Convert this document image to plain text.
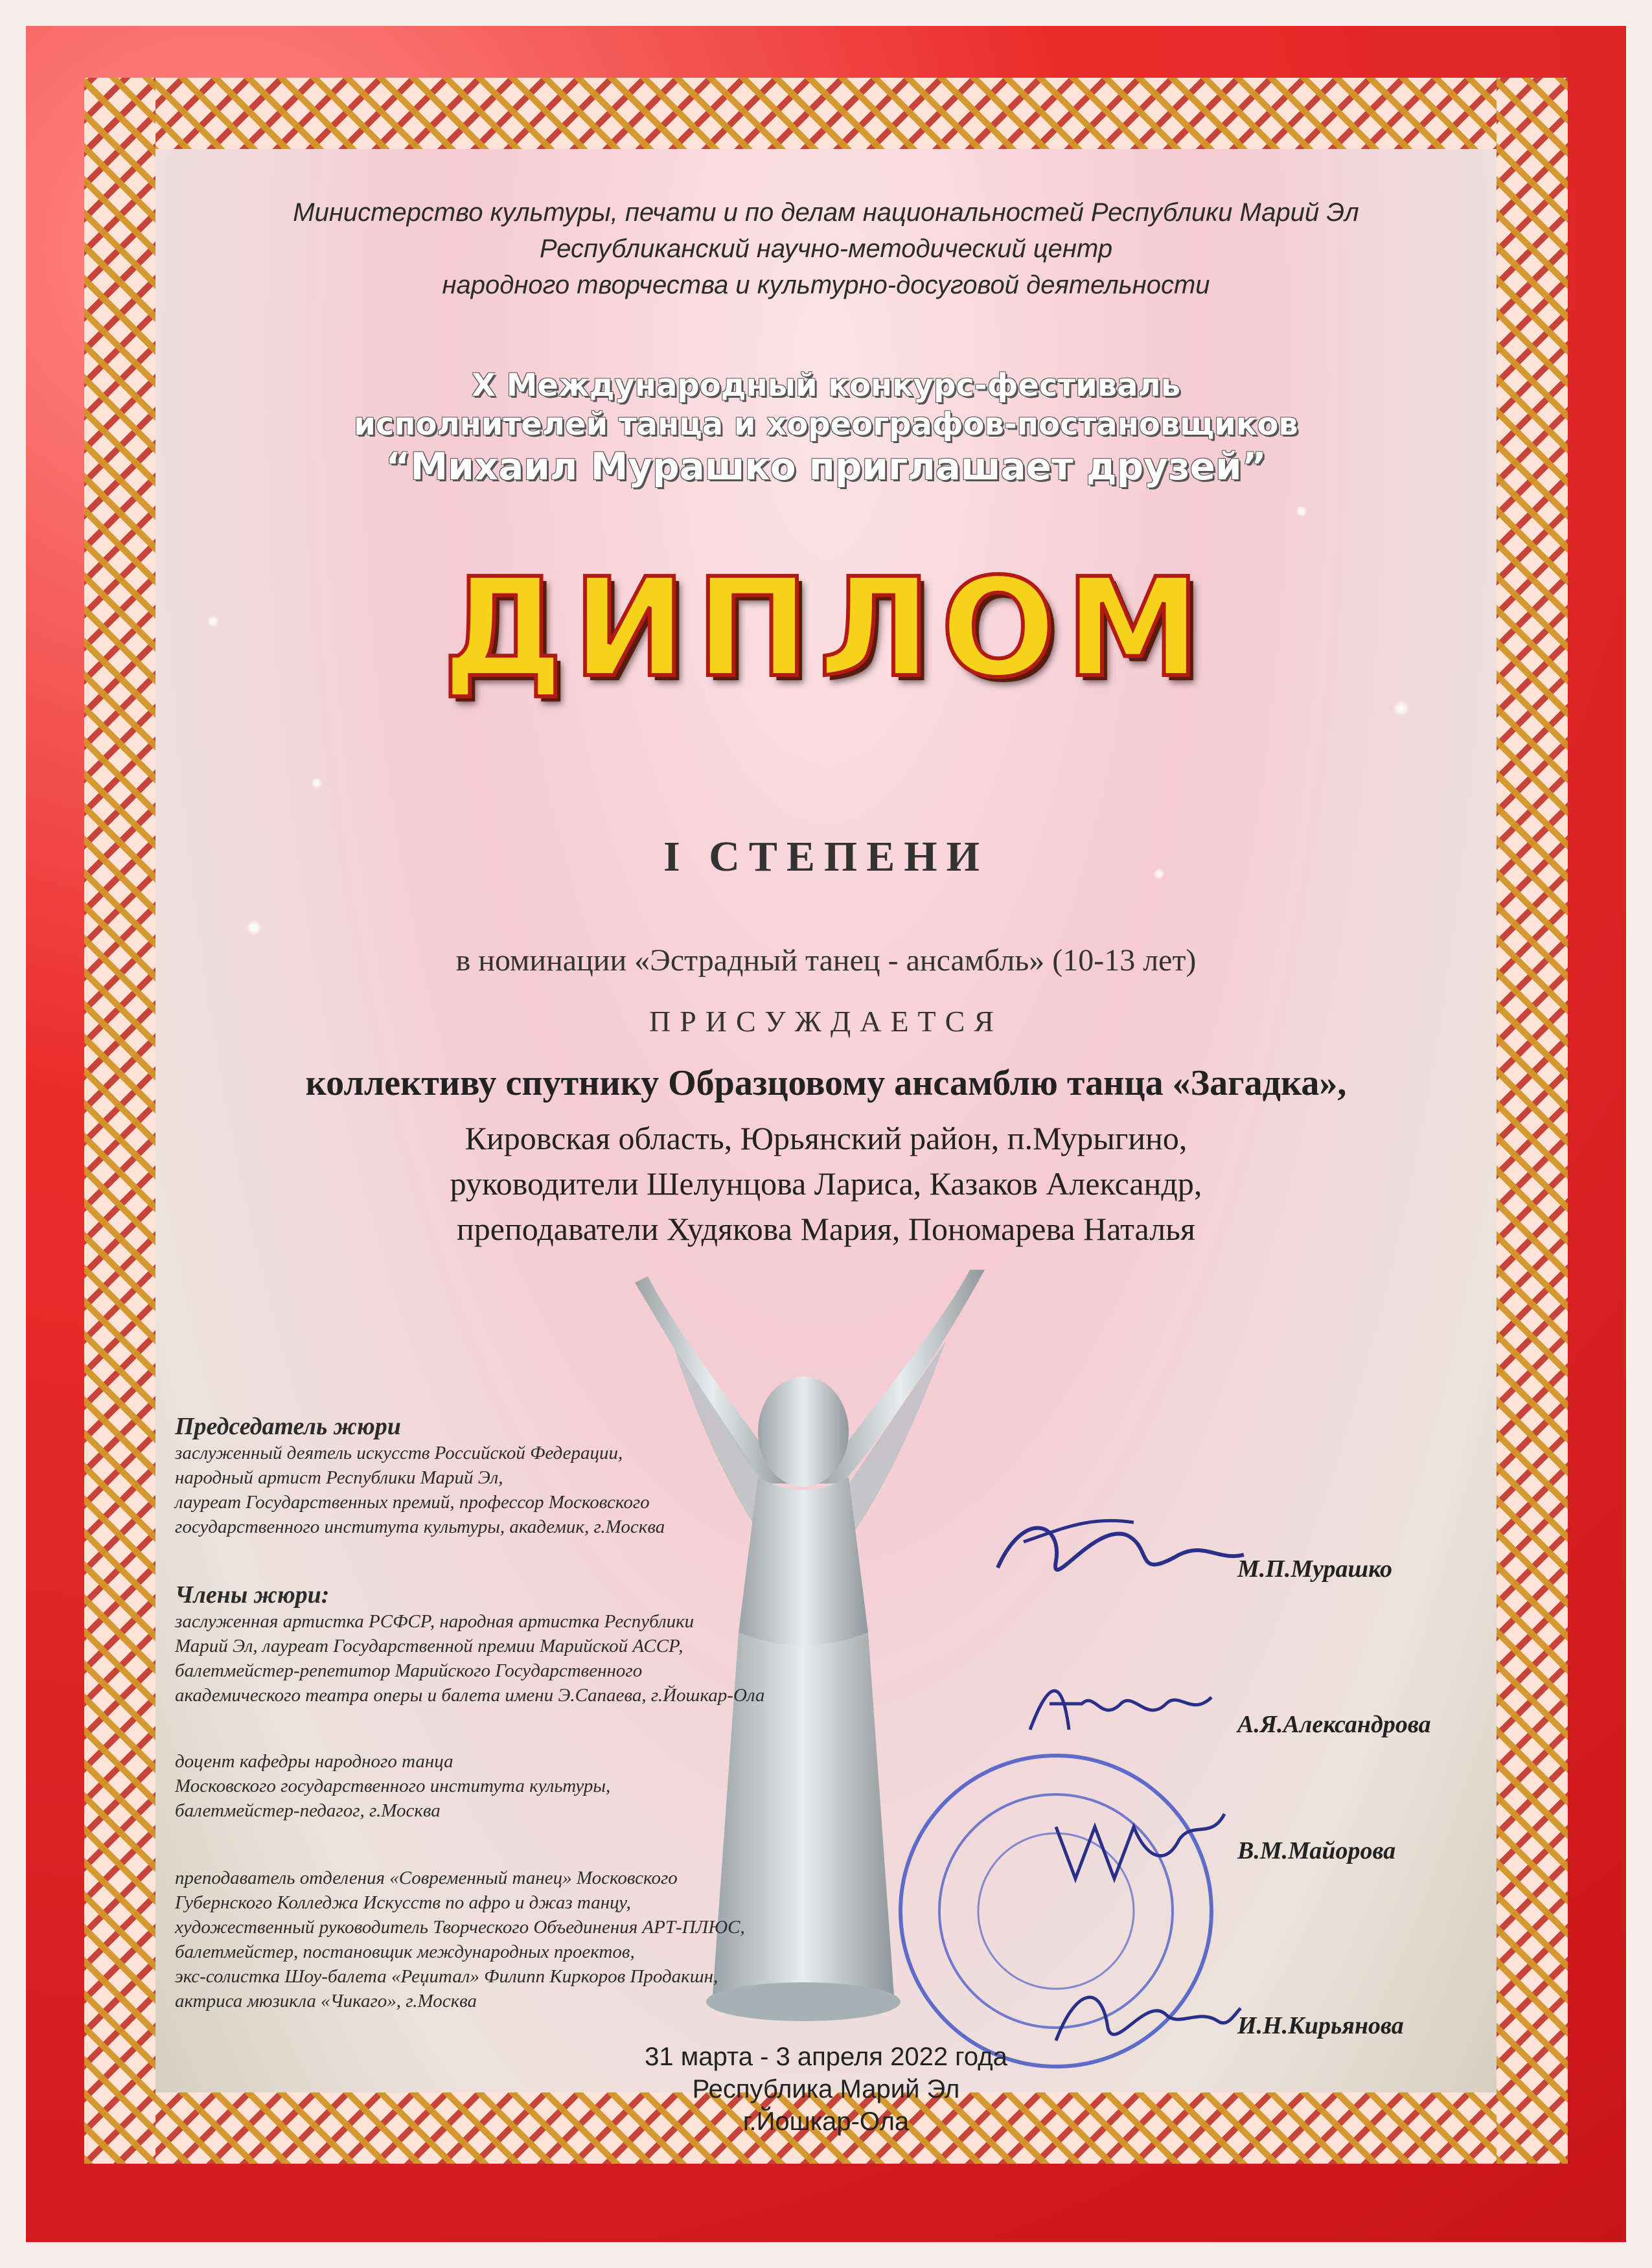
Министерство культуры, печати и по делам национальностей Республики Марий Эл
Республиканский научно-методический центр
народного творчества и культурно-досуговой деятельности
X Международный конкурс-фестиваль
исполнителей танца и хореографов-постановщиков
“Михаил Мурашко приглашает друзей”
ДИПЛОМ
I СТЕПЕНИ
в номинации «Эстрадный танец - ансамбль» (10-13 лет)
ПРИСУЖДАЕТСЯ
коллективу спутнику Образцовому ансамблю танца «Загадка»,
Кировская область, Юрьянский район, п.Мурыгино,
руководители Шелунцова Лариса, Казаков Александр,
преподаватели Худякова Мария, Пономарева Наталья
Председатель жюри
заслуженный деятель искусств Российской Федерации,
народный артист Республики Марий Эл,
лауреат Государственных премий, профессор Московского
государственного института культуры, академик, г.Москва
Члены жюри:
заслуженная артистка РСФСР, народная артистка Республики
Марий Эл, лауреат Государственной премии Марийской АССР,
балетмейстер-репетитор Марийского Государственного
академического театра оперы и балета имени Э.Сапаева, г.Йошкар-Ола
доцент кафедры народного танца
Московского государственного института культуры,
балетмейстер-педагог, г.Москва
преподаватель отделения «Современный танец» Московского
Губернского Колледжа Искусств по афро и джаз танцу,
художественный руководитель Творческого Объединения АРТ-ПЛЮС,
балетмейстер, постановщик международных проектов,
экс-солистка Шоу-балета «Реџитал» Филипп Киркоров Продакшн,
актриса мюзикла «Чикаго», г.Москва
М.П.Мурашко
А.Я.Александрова
В.М.Майорова
И.Н.Кирьянова
31 марта - 3 апреля 2022 года
Республика Марий Эл
г.Йошкар-Ола
